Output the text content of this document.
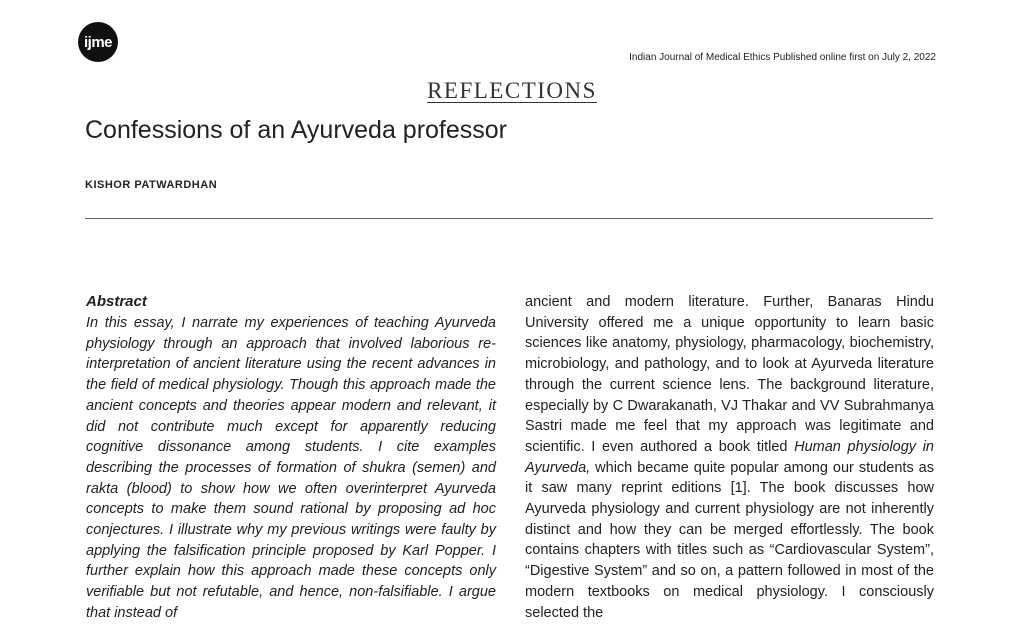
ijme
Indian Journal of Medical Ethics Published online first on July 2, 2022
REFLECTIONS
Confessions of an Ayurveda professor
KISHOR PATWARDHAN
Abstract

In this essay, I narrate my experiences of teaching Ayurveda physiology through an approach that involved laborious re-interpretation of ancient literature using the recent advances in the field of medical physiology. Though this approach made the ancient concepts and theories appear modern and relevant, it did not contribute much except for apparently reducing cognitive dissonance among students. I cite examples describing the processes of formation of shukra (semen) and rakta (blood) to show how we often overinterpret Ayurveda concepts to make them sound rational by proposing ad hoc conjectures. I illustrate why my previous writings were faulty by applying the falsification principle proposed by Karl Popper. I further explain how this approach made these concepts only verifiable but not refutable, and hence, non-falsifiable. I argue that instead of

ancient and modern literature. Further, Banaras Hindu University offered me a unique opportunity to learn basic sciences like anatomy, physiology, pharmacology, biochemistry, microbiology, and pathology, and to look at Ayurveda literature through the current science lens. The background literature, especially by C Dwarakanath, VJ Thakar and VV Subrahmanya Sastri made me feel that my approach was legitimate and scientific. I even authored a book titled Human physiology in Ayurveda, which became quite popular among our students as it saw many reprint editions [1]. The book discusses how Ayurveda physiology and current physiology are not inherently distinct and how they can be merged effortlessly. The book contains chapters with titles such as “Cardiovascular System”, “Digestive System” and so on, a pattern followed in most of the modern textbooks on medical physiology. I consciously selected the
